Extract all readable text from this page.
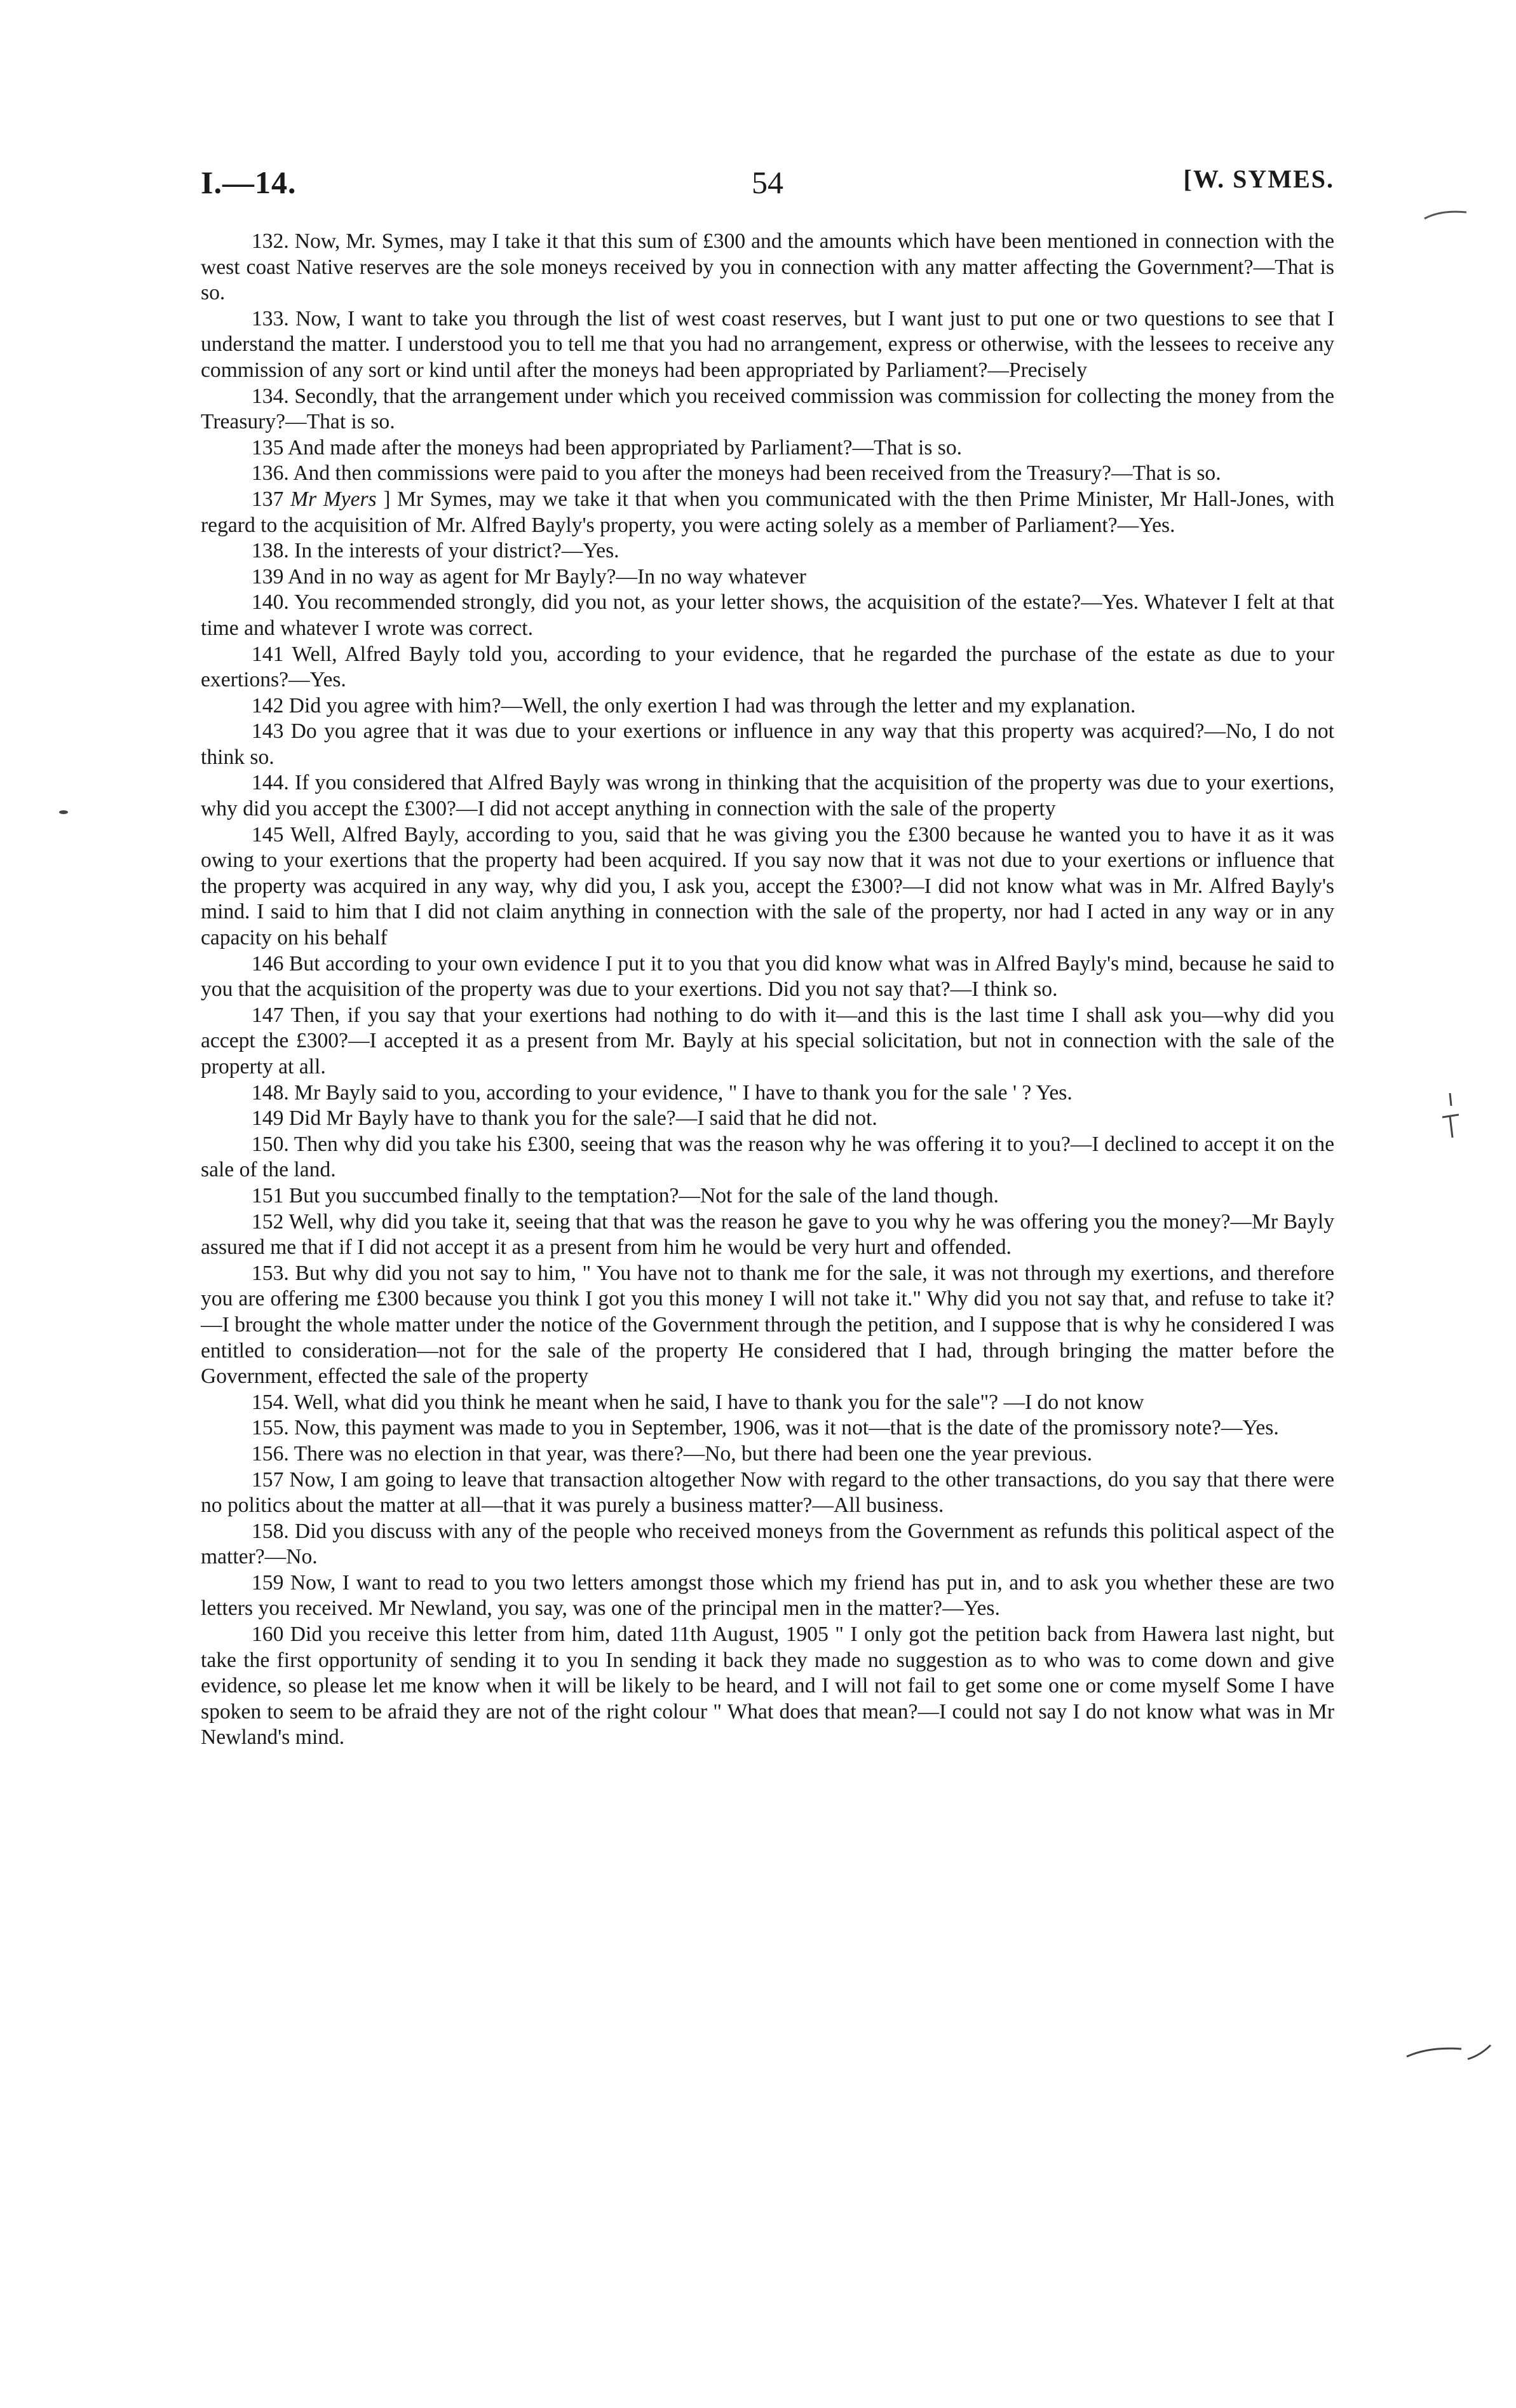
I.—14.	54	[W. SYMES.

132. Now, Mr. Symes, may I take it that this sum of £300 and the amounts which have been mentioned in connection with the west coast Native reserves are the sole moneys received by you in connection with any matter affecting the Government?—That is so.

133. Now, I want to take you through the list of west coast reserves, but I want just to put one or two questions to see that I understand the matter. I understood you to tell me that you had no arrangement, express or otherwise, with the lessees to receive any commission of any sort or kind until after the moneys had been appropriated by Parliament?—Precisely

134. Secondly, that the arrangement under which you received commission was commission for collecting the money from the Treasury?—That is so.

135 And made after the moneys had been appropriated by Parliament?—That is so.

136. And then commissions were paid to you after the moneys had been received from the Treasury?—That is so.

137 Mr Myers ] Mr Symes, may we take it that when you communicated with the then Prime Minister, Mr Hall-Jones, with regard to the acquisition of Mr. Alfred Bayly's property, you were acting solely as a member of Parliament?—Yes.

138. In the interests of your district?—Yes.

139 And in no way as agent for Mr Bayly?—In no way whatever

140. You recommended strongly, did you not, as your letter shows, the acquisition of the estate?—Yes. Whatever I felt at that time and whatever I wrote was correct.

141 Well, Alfred Bayly told you, according to your evidence, that he regarded the purchase of the estate as due to your exertions?—Yes.

142 Did you agree with him?—Well, the only exertion I had was through the letter and my explanation.

143 Do you agree that it was due to your exertions or influence in any way that this property was acquired?—No, I do not think so.

144. If you considered that Alfred Bayly was wrong in thinking that the acquisition of the property was due to your exertions, why did you accept the £300?—I did not accept anything in connection with the sale of the property

145 Well, Alfred Bayly, according to you, said that he was giving you the £300 because he wanted you to have it as it was owing to your exertions that the property had been acquired. If you say now that it was not due to your exertions or influence that the property was acquired in any way, why did you, I ask you, accept the £300?—I did not know what was in Mr. Alfred Bayly's mind. I said to him that I did not claim anything in connection with the sale of the property, nor had I acted in any way or in any capacity on his behalf

146 But according to your own evidence I put it to you that you did know what was in Alfred Bayly's mind, because he said to you that the acquisition of the property was due to your exertions. Did you not say that?—I think so.

147 Then, if you say that your exertions had nothing to do with it—and this is the last time I shall ask you—why did you accept the £300?—I accepted it as a present from Mr. Bayly at his special solicitation, but not in connection with the sale of the property at all.

148. Mr Bayly said to you, according to your evidence, " I have to thank you for the sale ' ? Yes.

149 Did Mr Bayly have to thank you for the sale?—I said that he did not.

150. Then why did you take his £300, seeing that was the reason why he was offering it to you?—I declined to accept it on the sale of the land.

151 But you succumbed finally to the temptation?—Not for the sale of the land though.

152 Well, why did you take it, seeing that that was the reason he gave to you why he was offering you the money?—Mr Bayly assured me that if I did not accept it as a present from him he would be very hurt and offended.

153. But why did you not say to him, " You have not to thank me for the sale, it was not through my exertions, and therefore you are offering me £300 because you think I got you this money I will not take it." Why did you not say that, and refuse to take it?—I brought the whole matter under the notice of the Government through the petition, and I suppose that is why he considered I was entitled to consideration—not for the sale of the property He considered that I had, through bringing the matter before the Government, effected the sale of the property

154. Well, what did you think he meant when he said, I have to thank you for the sale"? —I do not know

155. Now, this payment was made to you in September, 1906, was it not—that is the date of the promissory note?—Yes.

156. There was no election in that year, was there?—No, but there had been one the year previous.

157 Now, I am going to leave that transaction altogether Now with regard to the other transactions, do you say that there were no politics about the matter at all—that it was purely a business matter?—All business.

158. Did you discuss with any of the people who received moneys from the Government as refunds this political aspect of the matter?—No.

159 Now, I want to read to you two letters amongst those which my friend has put in, and to ask you whether these are two letters you received. Mr Newland, you say, was one of the principal men in the matter?—Yes.

160 Did you receive this letter from him, dated 11th August, 1905 " I only got the petition back from Hawera last night, but take the first opportunity of sending it to you In sending it back they made no suggestion as to who was to come down and give evidence, so please let me know when it will be likely to be heard, and I will not fail to get some one or come myself Some I have spoken to seem to be afraid they are not of the right colour " What does that mean?—I could not say I do not know what was in Mr Newland's mind.
